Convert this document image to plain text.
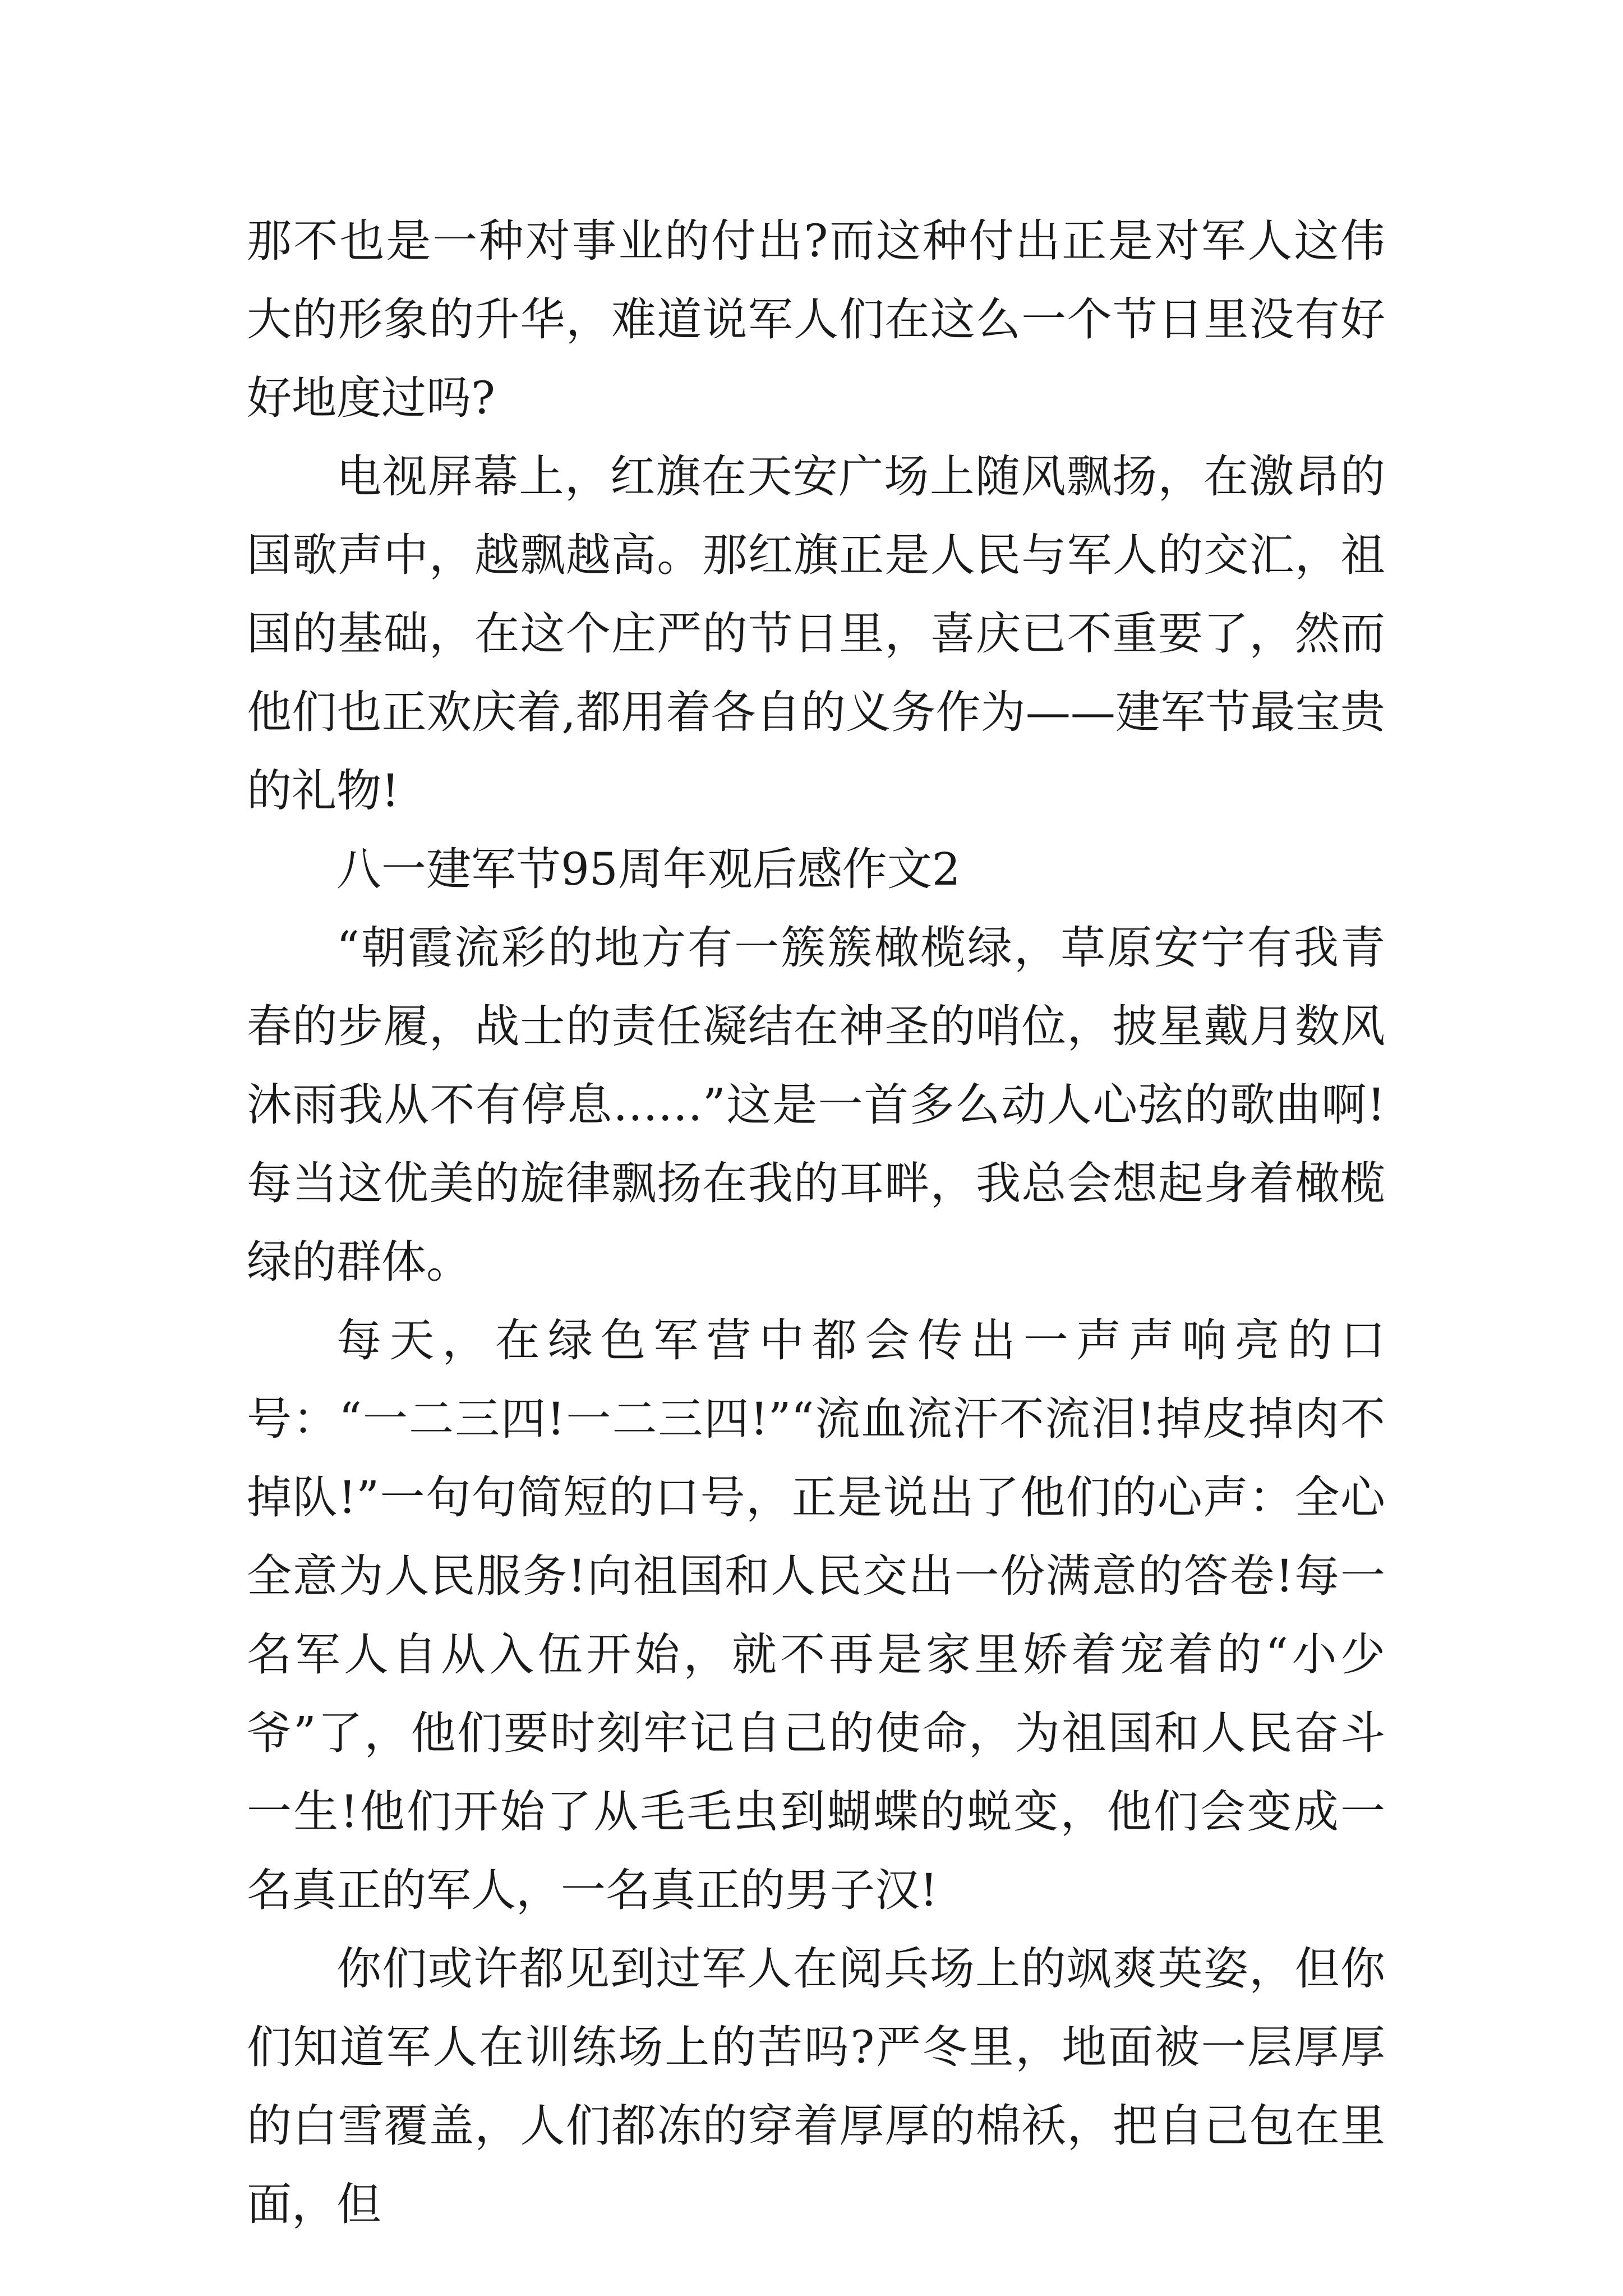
那不也是一种对事业的付出?而这种付出正是对军人这伟大的形象的升华，难道说军人们在这么一个节日里没有好好地度过吗?

电视屏幕上，红旗在天安广场上随风飘扬，在激昂的国歌声中，越飘越高。那红旗正是人民与军人的交汇，祖国的基础，在这个庄严的节日里，喜庆已不重要了，然而他们也正欢庆着,都用着各自的义务作为——建军节最宝贵的礼物!

八一建军节95周年观后感作文2

“朝霞流彩的地方有一簇簇橄榄绿，草原安宁有我青春的步履，战士的责任凝结在神圣的哨位，披星戴月数风沐雨我从不有停息……”这是一首多么动人心弦的歌曲啊!每当这优美的旋律飘扬在我的耳畔，我总会想起身着橄榄绿的群体。

每天，在绿色军营中都会传出一声声响亮的口号：“一二三四!一二三四!”“流血流汗不流泪!掉皮掉肉不掉队!”一句句简短的口号，正是说出了他们的心声：全心全意为人民服务!向祖国和人民交出一份满意的答卷!每一名军人自从入伍开始，就不再是家里娇着宠着的“小少爷”了，他们要时刻牢记自己的使命，为祖国和人民奋斗一生!他们开始了从毛毛虫到蝴蝶的蜕变，他们会变成一名真正的军人，一名真正的男子汉!

你们或许都见到过军人在阅兵场上的飒爽英姿，但你们知道军人在训练场上的苦吗?严冬里，地面被一层厚厚的白雪覆盖，人们都冻的穿着厚厚的棉袄，把自己包在里面，但
